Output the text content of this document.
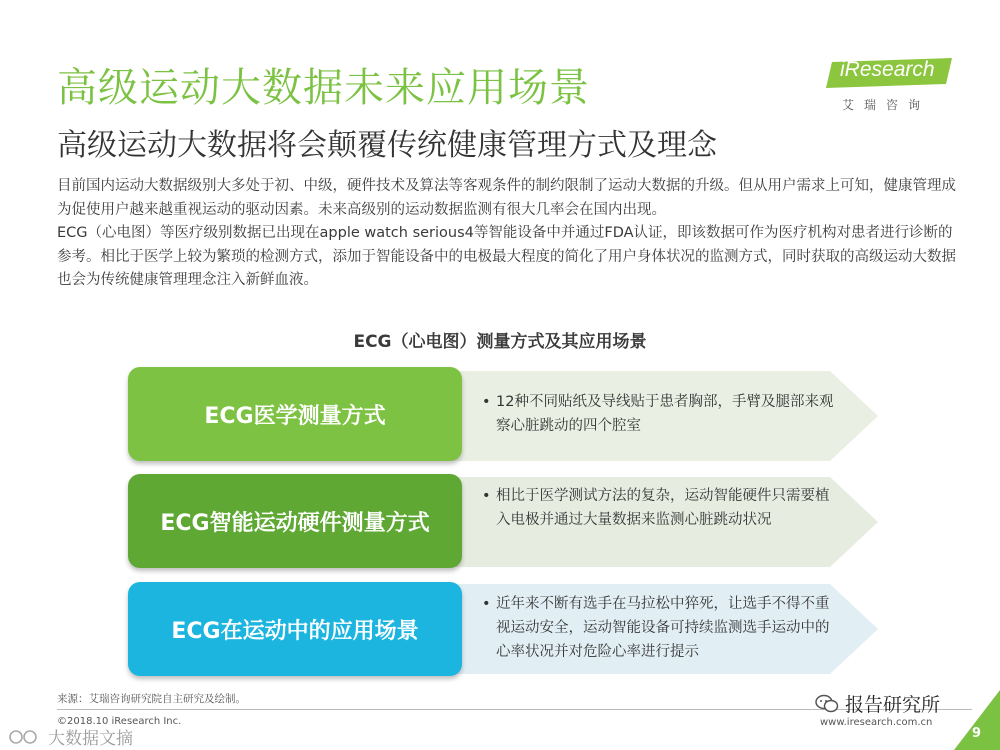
高级运动大数据未来应用场景
高级运动大数据将会颠覆传统健康管理方式及理念
iResearch
艾瑞咨询

目前国内运动大数据级别大多处于初、中级，硬件技术及算法等客观条件的制约限制了运动大数据的升级。但从用户需求上可知，健康管理成为促使用户越来越重视运动的驱动因素。未来高级别的运动数据监测有很大几率会在国内出现。

ECG（心电图）等医疗级别数据已出现在apple watch serious4等智能设备中并通过FDA认证，即该数据可作为医疗机构对患者进行诊断的参考。相比于医学上较为繁琐的检测方式，添加于智能设备中的电极最大程度的简化了用户身体状况的监测方式，同时获取的高级运动大数据也会为传统健康管理理念注入新鲜血液。

ECG（心电图）测量方式及其应用场景
ECG医学测量方式
• 12种不同贴纸及导线贴于患者胸部，手臂及腿部来观察心脏跳动的四个腔室
ECG智能运动硬件测量方式
• 相比于医学测试方法的复杂，运动智能硬件只需要植入电极并通过大量数据来监测心脏跳动状况
ECG在运动中的应用场景
• 近年来不断有选手在马拉松中猝死，让选手不得不重视运动安全，运动智能设备可持续监测选手运动中的心率状况并对危险心率进行提示
来源：艾瑞咨询研究院自主研究及绘制。
©2018.10 iResearch Inc.	www.iresearch.com.cn
报告研究所
9
大数据文摘
